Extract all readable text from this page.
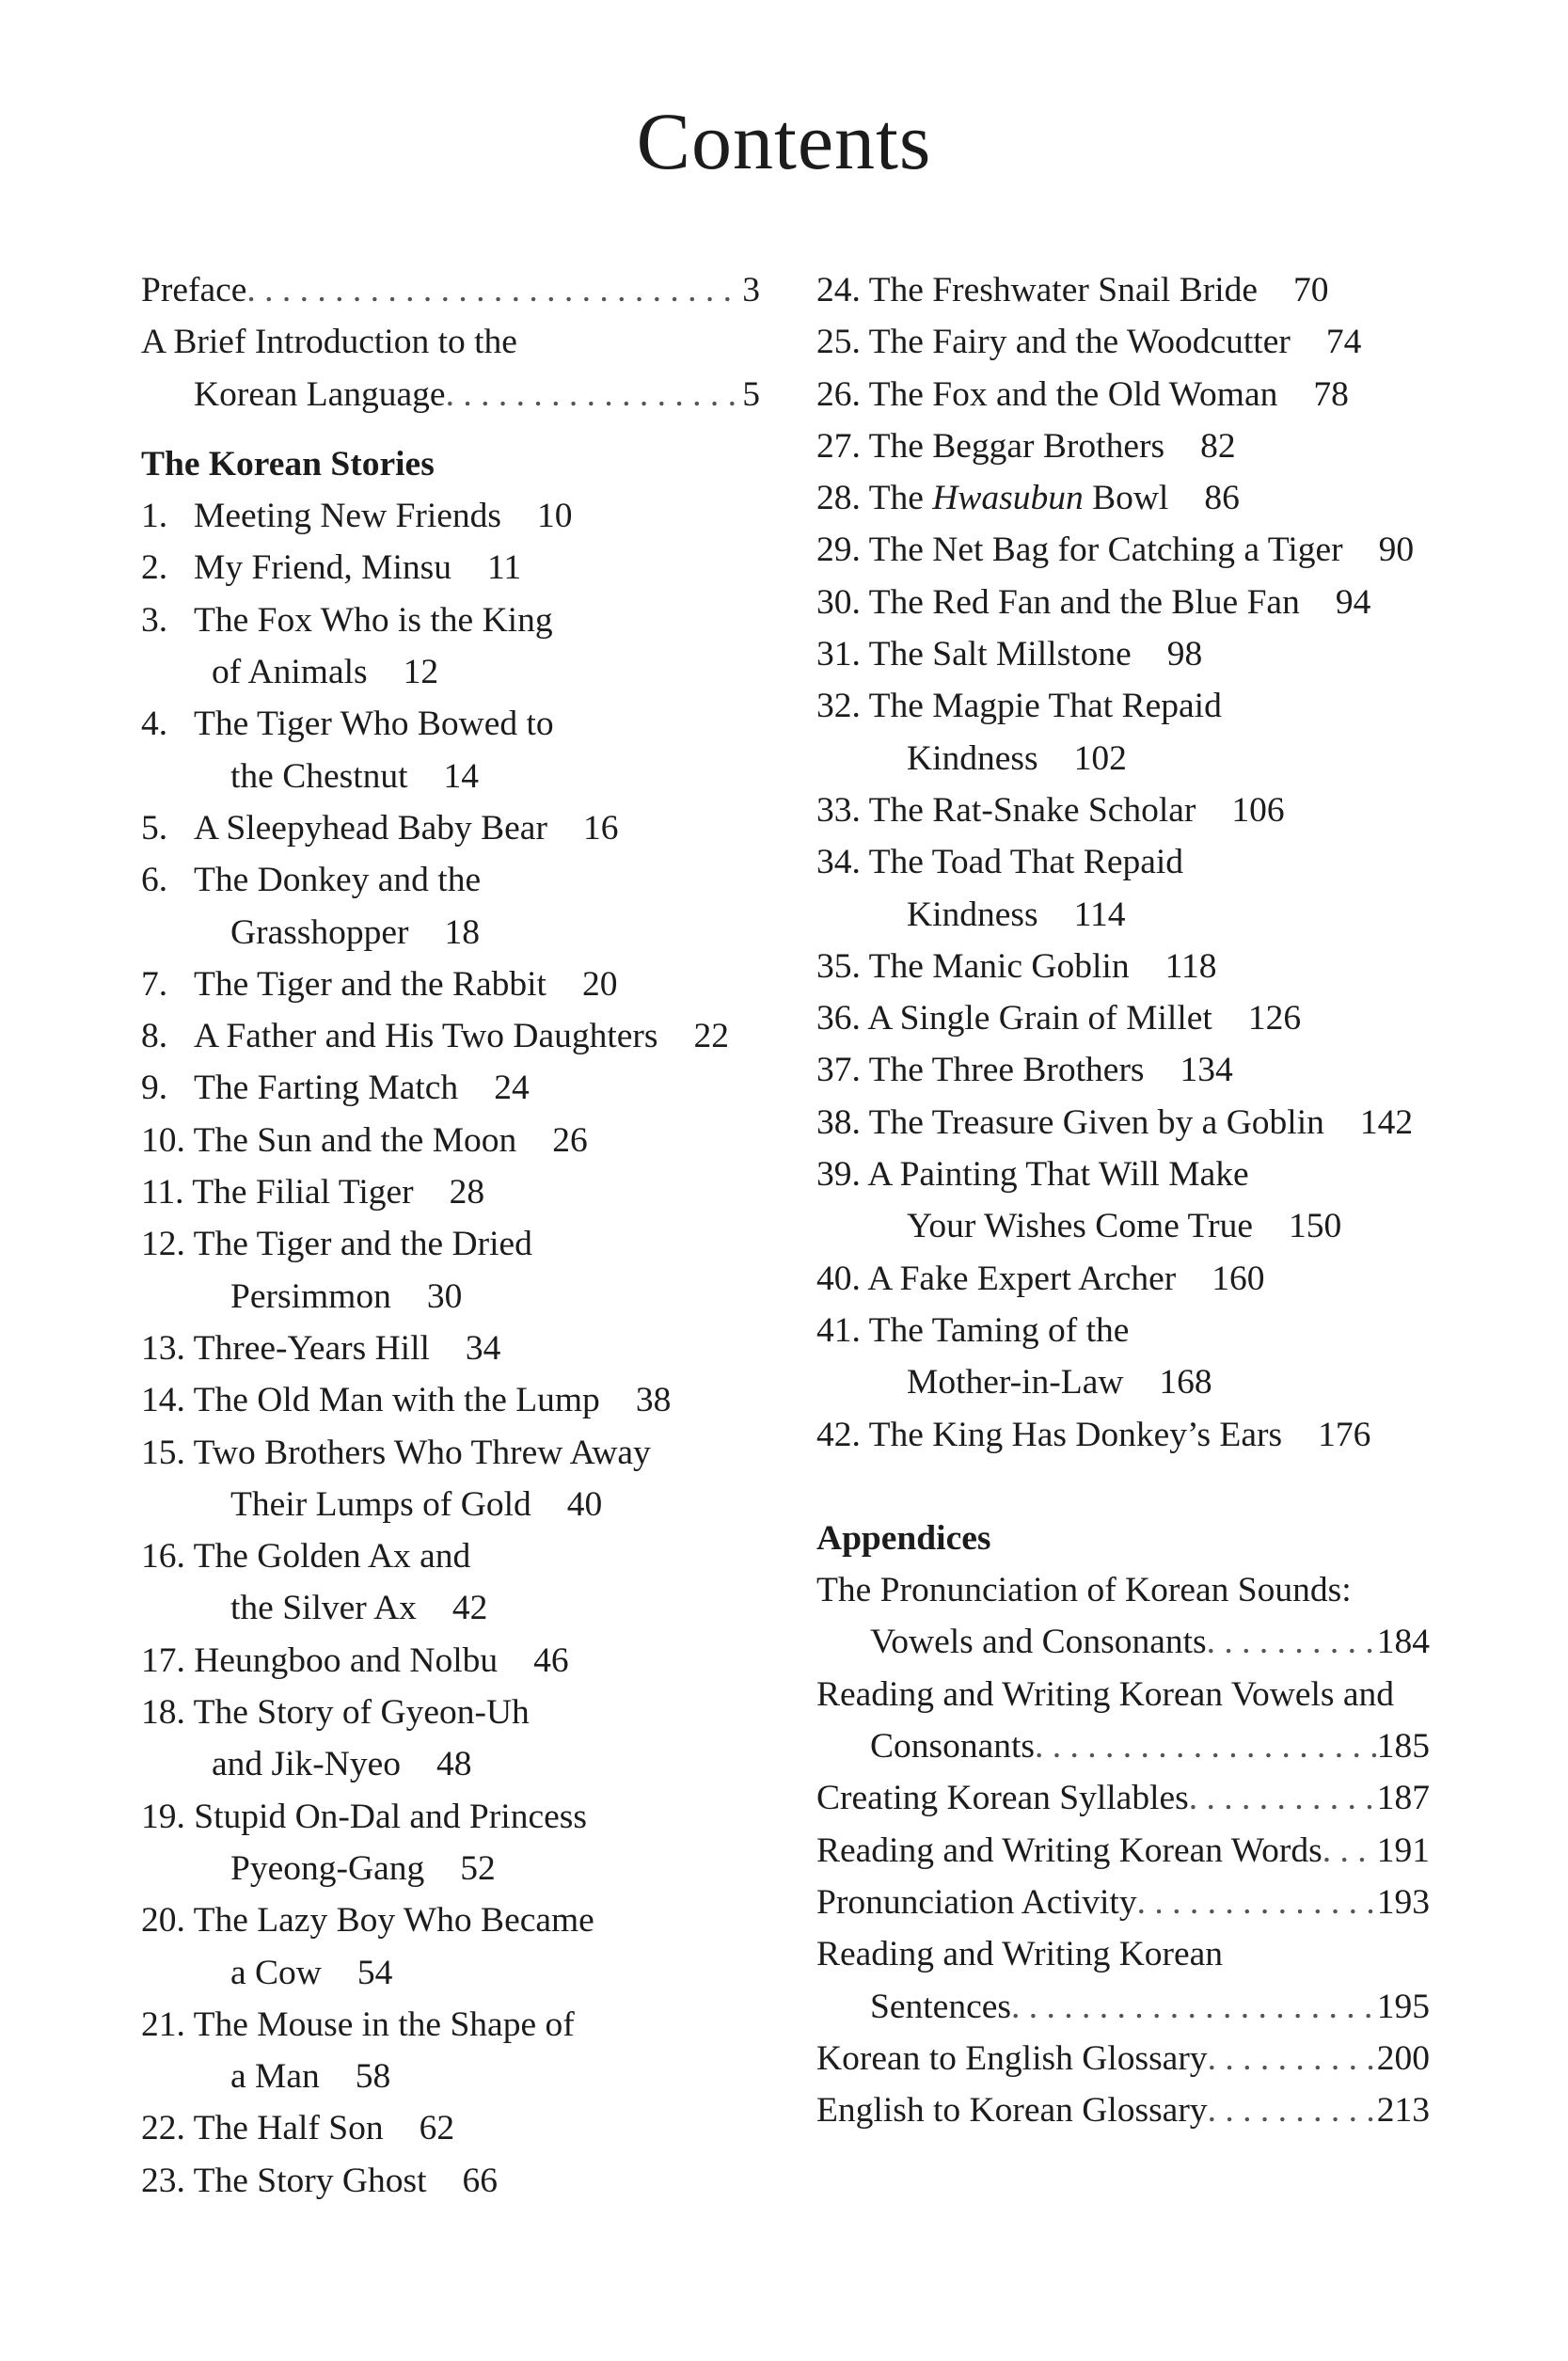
Contents
Preface . . .	3
A Brief Introduction to the
Korean Language . . .	5
The Korean Stories
1. Meeting New Friends 10
2. My Friend, Minsu 11
3. The Fox Who is the King
of Animals 12
4. The Tiger Who Bowed to
the Chestnut 14
5. A Sleepyhead Baby Bear 16
6. The Donkey and the
Grasshopper 18
7. The Tiger and the Rabbit 20
8. A Father and His Two Daughters 22
9. The Farting Match 24
10. The Sun and the Moon 26
11. The Filial Tiger 28
12. The Tiger and the Dried
Persimmon 30
13. Three-Years Hill 34
14. The Old Man with the Lump 38
15. Two Brothers Who Threw Away
Their Lumps of Gold 40
16. The Golden Ax and
the Silver Ax 42
17. Heungboo and Nolbu 46
18. The Story of Gyeon-Uh
and Jik-Nyeo 48
19. Stupid On-Dal and Princess
Pyeong-Gang 52
20. The Lazy Boy Who Became
a Cow 54
21. The Mouse in the Shape of
a Man 58
22. The Half Son 62
23. The Story Ghost 66
24. The Freshwater Snail Bride 70
25. The Fairy and the Woodcutter 74
26. The Fox and the Old Woman 78
27. The Beggar Brothers 82
28. The Hwasubun Bowl 86
29. The Net Bag for Catching a Tiger 90
30. The Red Fan and the Blue Fan 94
31. The Salt Millstone 98
32. The Magpie That Repaid
Kindness 102
33. The Rat-Snake Scholar 106
34. The Toad That Repaid
Kindness 114
35. The Manic Goblin 118
36. A Single Grain of Millet 126
37. The Three Brothers 134
38. The Treasure Given by a Goblin 142
39. A Painting That Will Make
Your Wishes Come True 150
40. A Fake Expert Archer 160
41. The Taming of the
Mother-in-Law 168
42. The King Has Donkey’s Ears 176
Appendices
The Pronunciation of Korean Sounds:
Vowels and Consonants . . .	184
Reading and Writing Korean Vowels and
Consonants . . .	185
Creating Korean Syllables . . .	187
Reading and Writing Korean Words . . . 191
Pronunciation Activity . . .	193
Reading and Writing Korean
Sentences . . .	195
Korean to English Glossary . . .	200
English to Korean Glossary . . .	213
